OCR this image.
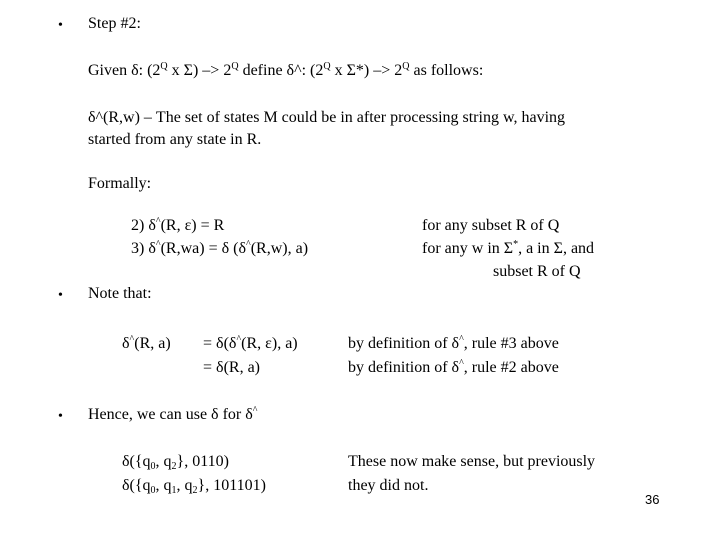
• Step #2:
Given δ: ($2^Q$ x $\Sigma) -> 2^Q$ define δ^: ($2^Q$ x $\Sigma*) -> 2^Q$ as follows:
δ^(R,w) – The set of states M could be in after processing string w, having
started from any state in R.
Formally:
2) δ^(R, ε) = R
3) δ^(R,wa) = δ (δ^(R,w), a)
for any subset R of Q
for any w in Σ*, a in Σ, and
subset R of Q
• Note that:
δ^(R, a) = δ(δ^(R, ε), a)
= δ(R, a)
by definition of δ^, rule #3 above
by definition of δ^, rule #2 above
• Hence, we can use δ for δ^
$\delta(\{q_0$, $q_2$}, 0110)
$\delta(\{q_0$, $q_1$, $q_2$}, 101101)
These now make sense, but previously
they did not.
36
